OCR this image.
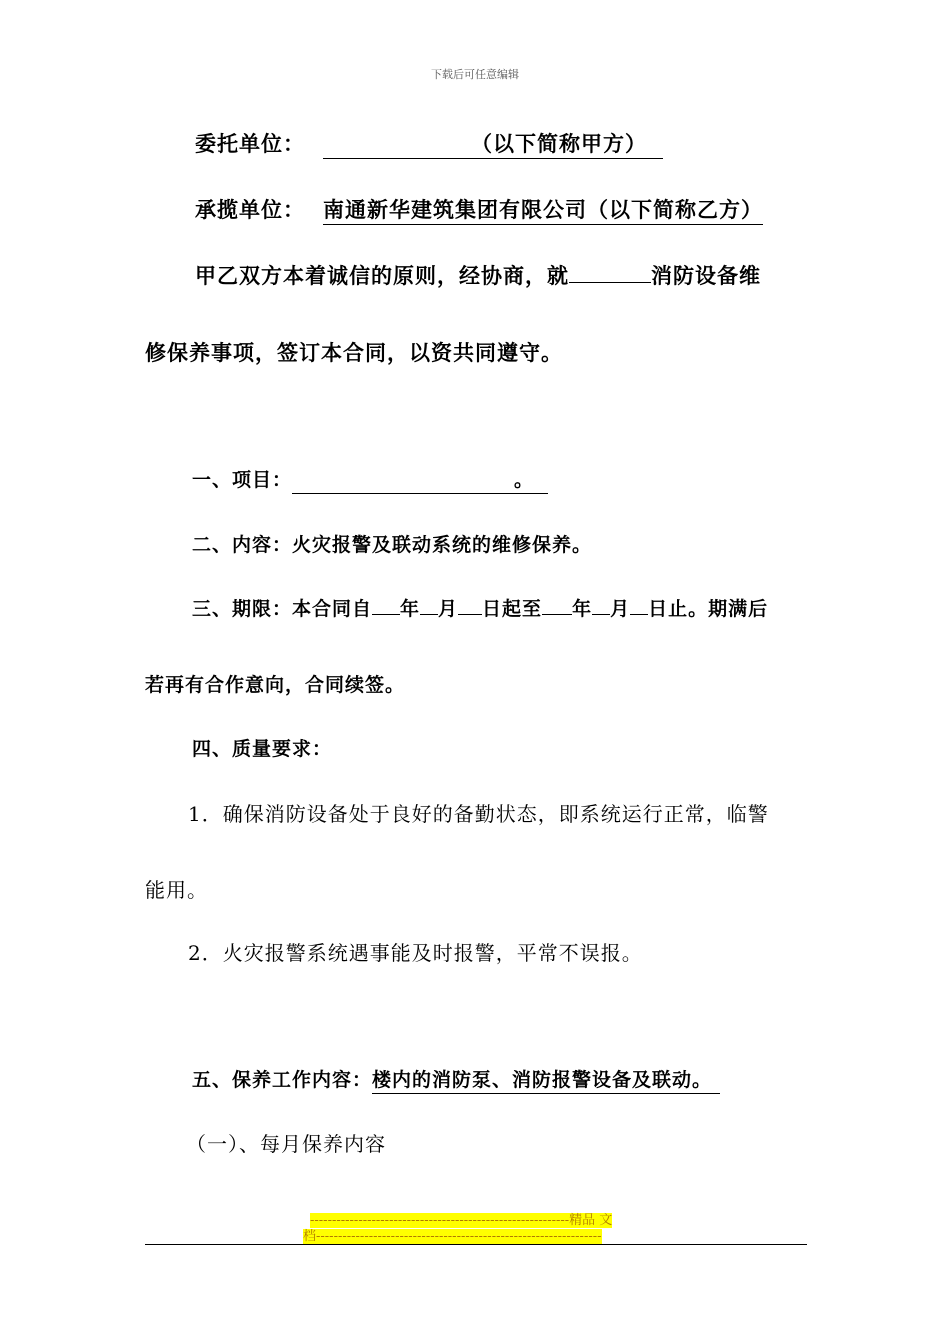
下载后可任意编辑
委托单位：	（以下简称甲方）
承揽单位： 南通新华建筑集团有限公司（以下简称乙方）
甲乙双方本着诚信的原则，经协商，就	消防设备维
修保养事项，签订本合同，以资共同遵守。
一、项目：	。
二、内容：火灾报警及联动系统的维修保养。
三、期限：本合同自 年 月 日起至 年 月 日止。期满后
若再有合作意向，合同续签。
四、质量要求：
1．确保消防设备处于良好的备勤状态，即系统运行正常，临警
能用。
2．火灾报警系统遇事能及时报警，平常不误报。
五、保养工作内容：楼内的消防泵、消防报警设备及联动。
（一）、每月保养内容
-----------------------------------------------------------精品 文
档-----------------------------------------------------------------
